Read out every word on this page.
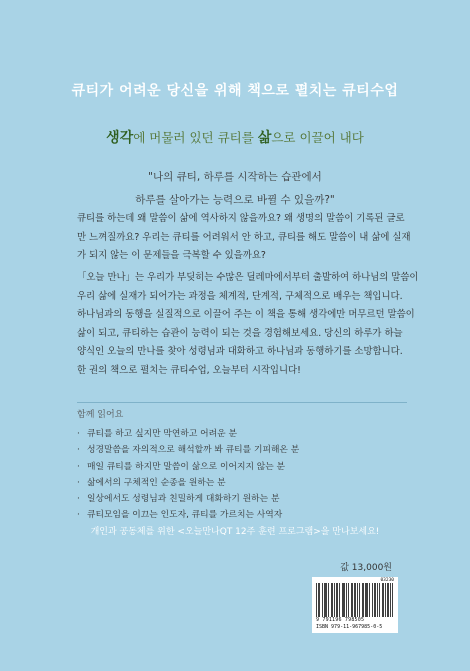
큐티가 어려운 당신을 위해 책으로 펼치는 큐티수업
생각에 머물러 있던 큐티를 삶으로 이끌어 내다
"나의 큐티, 하루를 시작하는 습관에서
하루를 살아가는 능력으로 바뀔 수 있을까?"

큐티를 하는데 왜 말씀이 삶에 역사하지 않을까요? 왜 생명의 말씀이 기록된 글로

만 느껴질까요? 우리는 큐티를 어려워서 안 하고, 큐티를 해도 말씀이 내 삶에 실재

가 되지 않는 이 문제들을 극복할 수 있을까요?

「오늘 만나」는 우리가 부딪히는 수많은 딜레마에서부터 출발하여 하나님의 말씀이

우리 삶에 실재가 되어가는 과정을 체계적, 단계적, 구체적으로 배우는 책입니다.

하나님과의 동행을 실질적으로 이끌어 주는 이 책을 통해 생각에만 머무르던 말씀이

삶이 되고, 큐티하는 습관이 능력이 되는 것을 경험해보세요. 당신의 하루가 하늘

양식인 오늘의 만나를 찾아 성령님과 대화하고 하나님과 동행하기를 소망합니다.

한 권의 책으로 펼치는 큐티수업, 오늘부터 시작입니다!

함께 읽어요
· 큐티를 하고 싶지만 막연하고 어려운 분
· 성경말씀을 자의적으로 해석할까 봐 큐티를 기피해온 분
· 매일 큐티를 하지만 말씀이 삶으로 이어지지 않는 분
· 삶에서의 구체적인 순종을 원하는 분
· 일상에서도 성령님과 친밀하게 대화하기 원하는 분
· 큐티모임을 이끄는 인도자, 큐티를 가르치는 사역자
개인과 공동체를 위한 <오늘만나QT 12주 훈련 프로그램>을 만나보세요!
값 13,000원
03230
9 791196 798505
ISBN 979-11-967985-0-5
